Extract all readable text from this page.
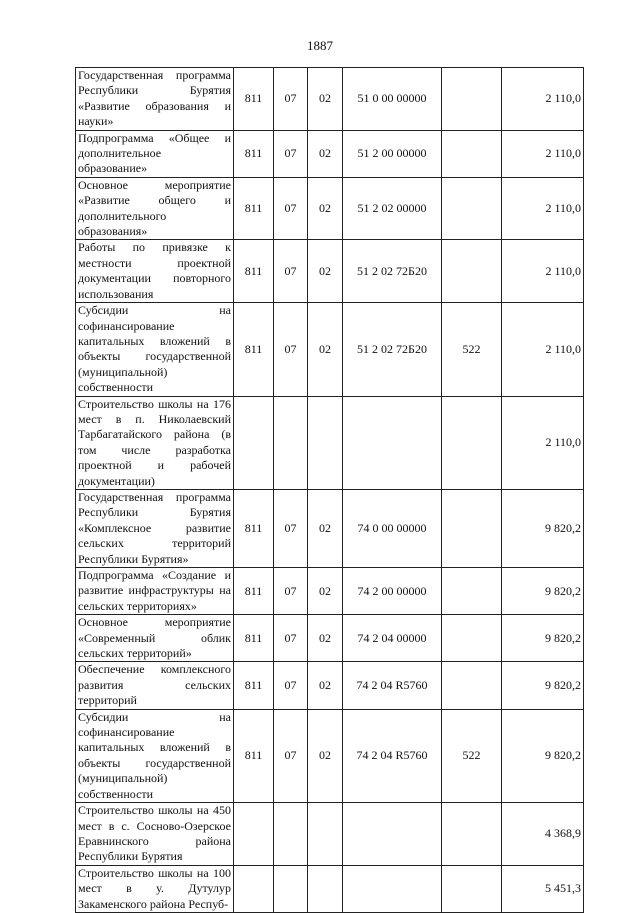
1887
Государственная программа Республики Бурятия «Развитие образования и науки»	811	07	02	51 0 00 00000		2 110,0
Подпрограмма «Общее и дополнительное образование»	811	07	02	51 2 00 00000		2 110,0
Основное мероприятие «Развитие общего и дополнительного образования»	811	07	02	51 2 02 00000		2 110,0
Работы по привязке к местности проектной документации повторного использования	811	07	02	51 2 02 72Б20		2 110,0
Субсидии на софинансирование капитальных вложений в объекты государственной (муниципальной) собственности	811	07	02	51 2 02 72Б20	522	2 110,0
Строительство школы на 176 мест в п. Николаевский Тарбагатайского района (в том числе разработка проектной и рабочей документации)						2 110,0
Государственная программа Республики Бурятия «Комплексное развитие сельских территорий Республики Бурятия»	811	07	02	74 0 00 00000		9 820,2
Подпрограмма «Создание и развитие инфраструктуры на сельских территориях»	811	07	02	74 2 00 00000		9 820,2
Основное мероприятие «Современный облик сельских территорий»	811	07	02	74 2 04 00000		9 820,2
Обеспечение комплексного развития сельских территорий	811	07	02	74 2 04 R5760		9 820,2
Субсидии на софинансирование капитальных вложений в объекты государственной (муниципальной) собственности	811	07	02	74 2 04 R5760	522	9 820,2
Строительство школы на 450 мест в с. Сосново-Озерское Еравнинского района Республики Бурятия						4 368,9
Строительство школы на 100 мест в у. Дутулур Закаменского района Респуб-						5 451,3
